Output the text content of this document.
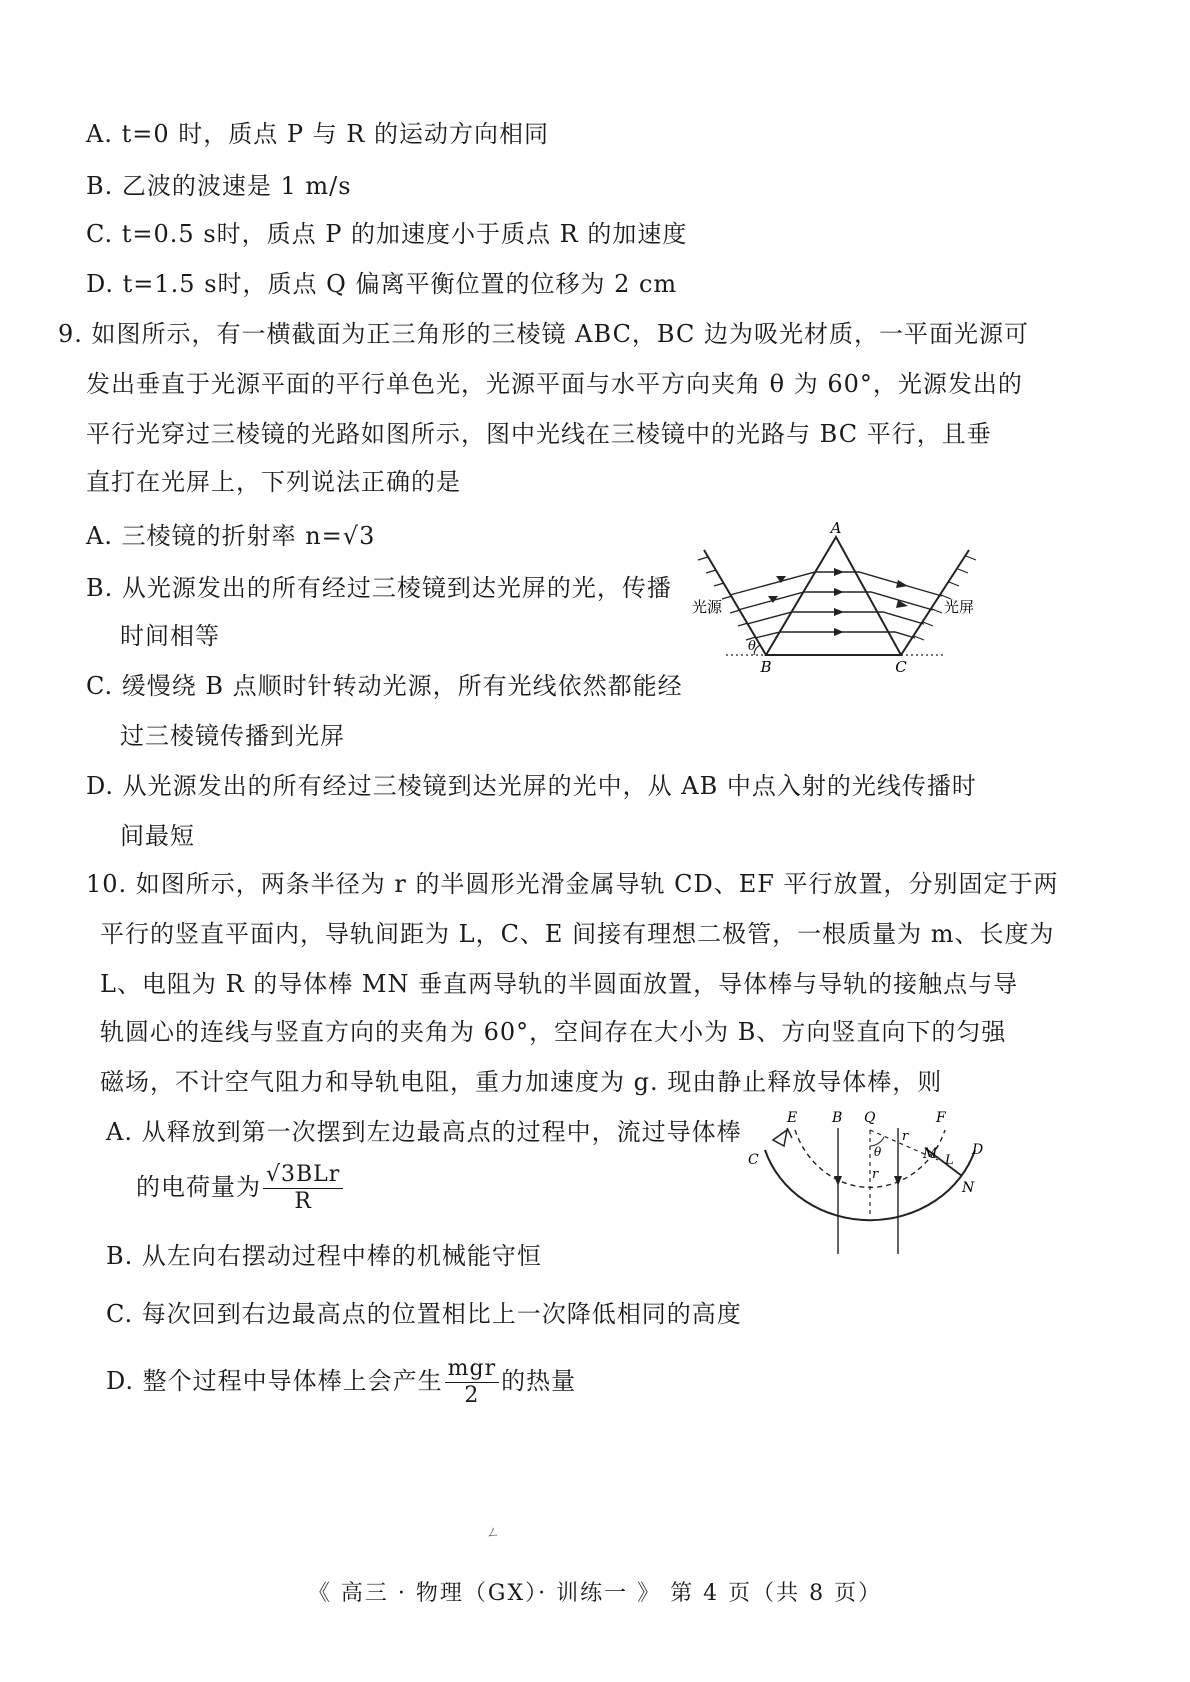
A. t=0 时，质点 P 与 R 的运动方向相同
B. 乙波的波速是 1 m/s
C. t=0.5 s时，质点 P 的加速度小于质点 R 的加速度
D. t=1.5 s时，质点 Q 偏离平衡位置的位移为 2 cm
9. 如图所示，有一横截面为正三角形的三棱镜 ABC，BC 边为吸光材质，一平面光源可
发出垂直于光源平面的平行单色光，光源平面与水平方向夹角 θ 为 60°，光源发出的
平行光穿过三棱镜的光路如图所示，图中光线在三棱镜中的光路与 BC 平行，且垂
直打在光屏上，下列说法正确的是
A. 三棱镜的折射率 n=√3
B. 从光源发出的所有经过三棱镜到达光屏的光，传播
时间相等
C. 缓慢绕 B 点顺时针转动光源，所有光线依然都能经
过三棱镜传播到光屏
D. 从光源发出的所有经过三棱镜到达光屏的光中，从 AB 中点入射的光线传播时
间最短
A
B	C
θ
光源	光屏
10. 如图所示，两条半径为 r 的半圆形光滑金属导轨 CD、EF 平行放置，分别固定于两
平行的竖直平面内，导轨间距为 L，C、E 间接有理想二极管，一根质量为 m、长度为
L、电阻为 R 的导体棒 MN 垂直两导轨的半圆面放置，导体棒与导轨的接触点与导
轨圆心的连线与竖直方向的夹角为 60°，空间存在大小为 B、方向竖直向下的匀强
磁场，不计空气阻力和导轨电阻，重力加速度为 g. 现由静止释放导体棒，则
A. 从释放到第一次摆到左边最高点的过程中，流过导体棒
的电荷量为 $\frac{\text{√3BLr}}{R}$
B. 从左向右摆动过程中棒的机械能守恒
C. 每次回到右边最高点的位置相比上一次降低相同的高度
D. 整个过程中导体棒上会产生 $\frac{\text{mgr}}{2}$ 的热量
E
C
B Q	F
r
r
θ	M L
D
N
ㄥ
《 高三 · 物理（GX）· 训练一 》 第 4 页（共 8 页）
